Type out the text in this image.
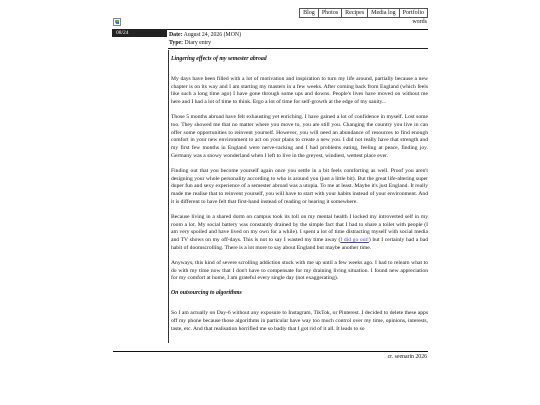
Blog	Photos	Recipes	Media log	Portfolio
words
08/24	Date: August 24, 2026 (MON)
Type: Diary entry
Lingering effects of my semester abroad

My days have been filled with a lot of motivation and inspiration to turn my life around, partially because a new chapter is on its way and I am starting my masters in a few weeks. After coming back from England (which feels like such a long time ago) I have gone through some ups and downs. People's lives have moved on without me here and I had a lot of time to think. Ergo a lot of time for self-growth at the edge of my sanity...

Those 5 months abroad have felt exhausting yet enriching. I have gained a lot of confidence in myself. Lost some too. They showed me that no matter where you move to, you are still you. Changing the country you live in can offer some opportunities to reinvent yourself. However, you will need an abundance of resources to find enough comfort in your new environment to act on your plans to create a new you. I did not really have that strength and my first few months in England were nerve-racking and I had problems eating, feeling at peace, finding joy. Germany was a snowy wonderland when I left to live in the greyest, windiest, wettest place ever.

Finding out that you become yourself again once you settle in a bit feels comforting as well. Proof you aren't designing your whole personality according to who is around you (just a little bit). But the great life-altering super duper fun and sexy experience of a semester abroad was a utopia. To me at least. Maybe it's just England. It really made me realise that to reinvent yourself, you will have to start with your habits instead of your environment. And it is different to have felt that first-hand instead of reading or hearing it somewhere.

Because living in a shared dorm on campus took its toll on my mental health I locked my introverted self in my room a lot. My social battery was constantly drained by the simple fact that I had to share a toilet with people (I am very spoiled and have lived on my own for a while). I spent a lot of time distracting myself with social media and TV shows on my off-days. This is not to say I wasted my time away (I did go out!) but I certainly had a bad habit of doomscrolling. There is a lot more to say about England but maybe another time.

Anyways, this kind of severe scrolling addiction stuck with me up until a few weeks ago. I had to relearn what to do with my time now that I don't have to compensate for my draining living situation. I found new appreciation for my comfort at home, I am grateful every single day (not exaggerating).

On outsourcing to algorithms

So I am actually on Day-6 without any exposure to Instagram, TikTok, or Pinterest. I decided to delete these apps off my phone because those algorithms in particular have way too much control over my time, opinions, interests, taste, etc. And that realisation horrified me so badly that I got rid of it all. It leads to so

cr. seenarin 2026
